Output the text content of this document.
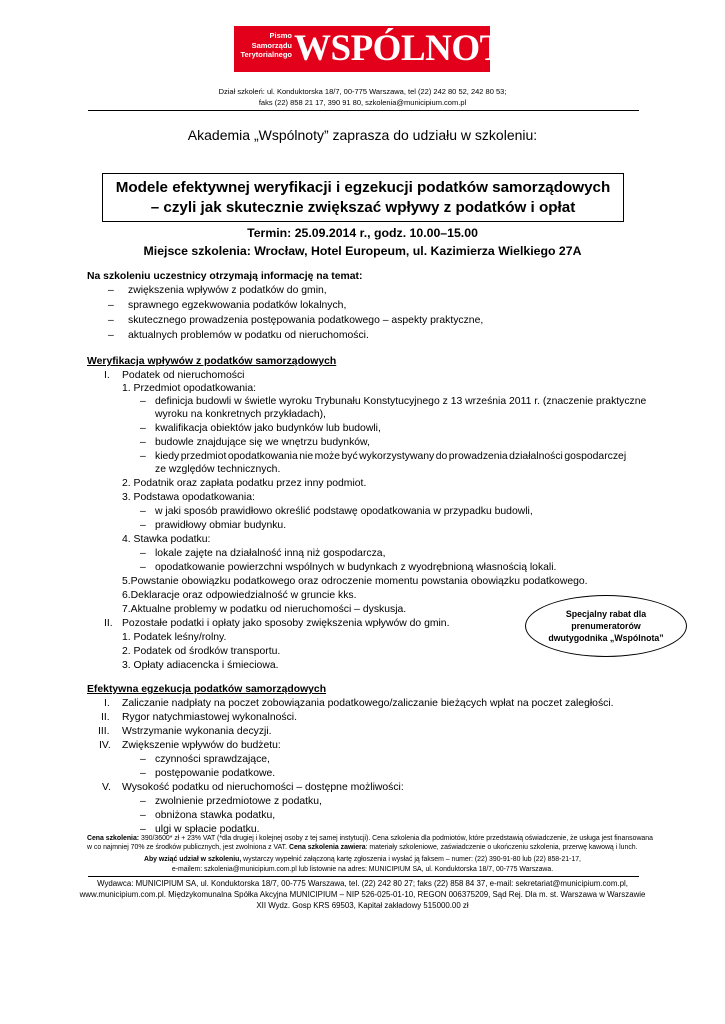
Pismo
Samorządu
Terytorialnego WSPÓLNOTA
Dział szkoleń: ul. Konduktorska 18/7, 00-775 Warszawa, tel (22) 242 80 52, 242 80 53;
faks (22) 858 21 17, 390 91 80, szkolenia@municipium.com.pl
Akademia „Wspólnoty” zaprasza do udziału w szkoleniu:
Modele efektywnej weryfikacji i egzekucji podatków samorządowych
– czyli jak skutecznie zwiększać wpływy z podatków i opłat
Termin: 25.09.2014 r., godz. 10.00–15.00
Miejsce szkolenia: Wrocław, Hotel Europeum, ul. Kazimierza Wielkiego 27A
Na szkoleniu uczestnicy otrzymają informację na temat:
– zwiększenia wpływów z podatków do gmin,
– sprawnego egzekwowania podatków lokalnych,
– skutecznego prowadzenia postępowania podatkowego – aspekty praktyczne,
– aktualnych problemów w podatku od nieruchomości.
Weryfikacja wpływów z podatków samorządowych
I. Podatek od nieruchomości
1. Przedmiot opodatkowania:
– definicja budowli w świetle wyroku Trybunału Konstytucyjnego z 13 września 2011 r. (znaczenie praktyczne
wyroku na konkretnych przykładach),
– kwalifikacja obiektów jako budynków lub budowli,
– budowle znajdujące się we wnętrzu budynków,
– kiedy przedmiot opodatkowania nie może być wykorzystywany do prowadzenia działalności gospodarczej
ze względów technicznych.
2. Podatnik oraz zapłata podatku przez inny podmiot.
3. Podstawa opodatkowania:
– w jaki sposób prawidłowo określić podstawę opodatkowania w przypadku budowli,
– prawidłowy obmiar budynku.
4. Stawka podatku:
– lokale zajęte na działalność inną niż gospodarcza,
– opodatkowanie powierzchni wspólnych w budynkach z wyodrębnioną własnością lokali.
5.Powstanie obowiązku podatkowego oraz odroczenie momentu powstania obowiązku podatkowego.
6.Deklaracje oraz odpowiedzialność w gruncie kks.
7.Aktualne problemy w podatku od nieruchomości – dyskusja.
II. Pozostałe podatki i opłaty jako sposoby zwiększenia wpływów do gmin.
1. Podatek leśny/rolny.
2. Podatek od środków transportu.
3. Opłaty adiacencka i śmieciowa.
Specjalny rabat dla
prenumeratorów
dwutygodnika „Wspólnota”
Efektywna egzekucja podatków samorządowych
I. Zaliczanie nadpłaty na poczet zobowiązania podatkowego/zaliczanie bieżących wpłat na poczet zaległości.
II. Rygor natychmiastowej wykonalności.
III. Wstrzymanie wykonania decyzji.
IV. Zwiększenie wpływów do budżetu:
– czynności sprawdzające,
– postępowanie podatkowe.
V. Wysokość podatku od nieruchomości – dostępne możliwości:
– zwolnienie przedmiotowe z podatku,
– obniżona stawka podatku,
– ulgi w spłacie podatku.
Cena szkolenia: 390/3600* zł + 23% VAT (*dla drugiej i kolejnej osoby z tej samej instytucji). Cena szkolenia dla podmiotów, które przedstawią oświadczenie, że usługa jest finansowana
w co najmniej 70% ze środków publicznych, jest zwolniona z VAT. Cena szkolenia zawiera: materiały szkoleniowe, zaświadczenie o ukończeniu szkolenia, przerwę kawową i lunch.
Aby wziąć udział w szkoleniu, wystarczy wypełnić załączoną kartę zgłoszenia i wysłać ją faksem – numer: (22) 390-91-80 lub (22) 858-21-17,
e-mailem: szkolenia@municipium.com.pl lub listownie na adres: MUNICIPIUM SA, ul. Konduktorska 18/7, 00-775 Warszawa.
Wydawca: MUNICIPIUM SA, ul. Konduktorska 18/7, 00-775 Warszawa, tel. (22) 242 80 27; faks (22) 858 84 37, e-mail: sekretariat@municipium.com.pl,
www.municipium.com.pl. Międzykomunalna Spółka Akcyjna MUNICIPIUM – NIP 526-025-01-10, REGON 006375209, Sąd Rej. Dla m. st. Warszawa w Warszawie
XII Wydz. Gosp KRS 69503, Kapitał zakładowy 515000.00 zł
